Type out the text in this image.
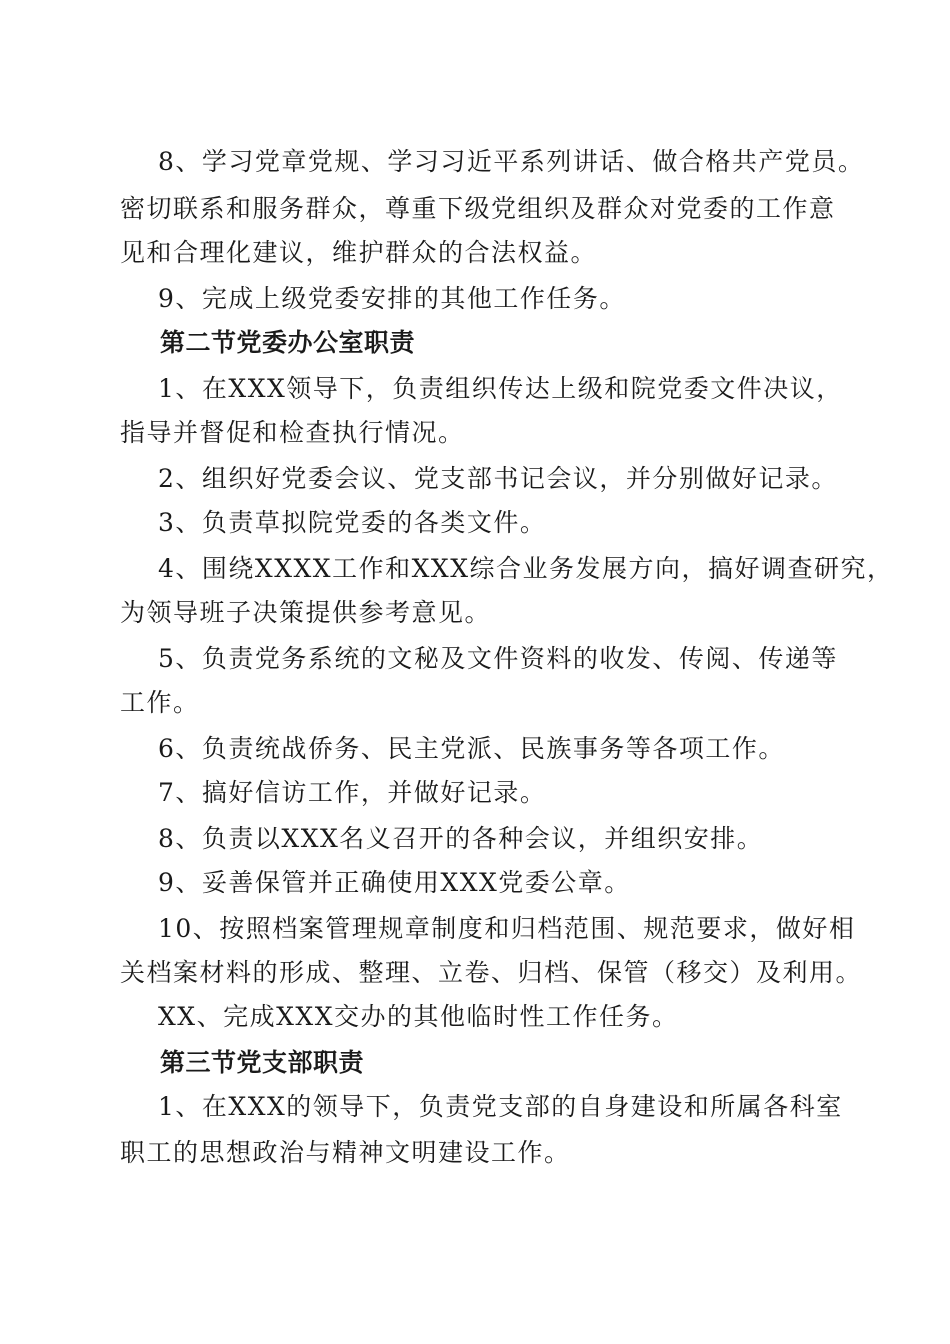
8、学习党章党规、学习习近平系列讲话、做合格共产党员。
密切联系和服务群众，尊重下级党组织及群众对党委的工作意
见和合理化建议，维护群众的合法权益。
9、完成上级党委安排的其他工作任务。
第二节党委办公室职责
1、在XXX领导下，负责组织传达上级和院党委文件决议，
指导并督促和检查执行情况。
2、组织好党委会议、党支部书记会议，并分别做好记录。
3、负责草拟院党委的各类文件。
4、围绕XXXX工作和XXX综合业务发展方向，搞好调查研究，
为领导班子决策提供参考意见。
5、负责党务系统的文秘及文件资料的收发、传阅、传递等
工作。
6、负责统战侨务、民主党派、民族事务等各项工作。
7、搞好信访工作，并做好记录。
8、负责以XXX名义召开的各种会议，并组织安排。
9、妥善保管并正确使用XXX党委公章。
10、按照档案管理规章制度和归档范围、规范要求，做好相
关档案材料的形成、整理、立卷、归档、保管（移交）及利用。
XX、完成XXX交办的其他临时性工作任务。
第三节党支部职责
1、在XXX的领导下，负责党支部的自身建设和所属各科室
职工的思想政治与精神文明建设工作。
